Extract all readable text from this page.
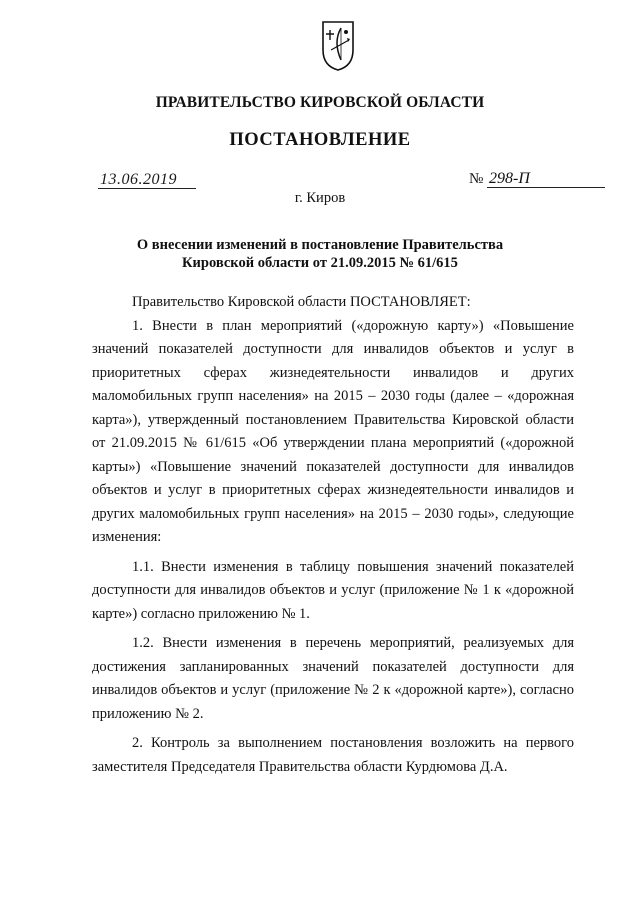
ПРАВИТЕЛЬСТВО КИРОВСКОЙ ОБЛАСТИ
ПОСТАНОВЛЕНИЕ
13.06.2019	№ 298-П
г. Киров
О внесении изменений в постановление Правительства
Кировской области от 21.09.2015 № 61/615

Правительство Кировской области ПОСТАНОВЛЯЕТ:

1. Внести в план мероприятий («дорожную карту») «Повышение значений показателей доступности для инвалидов объектов и услуг в приоритетных сферах жизнедеятельности инвалидов и других маломобильных групп населения» на 2015 – 2030 годы (далее – «дорожная карта»), утвержденный постановлением Правительства Кировской области от 21.09.2015 № 61/615 «Об утверждении плана мероприятий («дорожной карты») «Повышение значений показателей доступности для инвалидов объектов и услуг в приоритетных сферах жизнедеятельности инвалидов и других маломобильных групп населения» на 2015 – 2030 годы», следующие изменения:

1.1. Внести изменения в таблицу повышения значений показателей доступности для инвалидов объектов и услуг (приложение № 1 к «дорожной карте») согласно приложению № 1.

1.2. Внести изменения в перечень мероприятий, реализуемых для достижения запланированных значений показателей доступности для инвалидов объектов и услуг (приложение № 2 к «дорожной карте»), согласно приложению № 2.

2. Контроль за выполнением постановления возложить на первого заместителя Председателя Правительства области Курдюмова Д.А.
